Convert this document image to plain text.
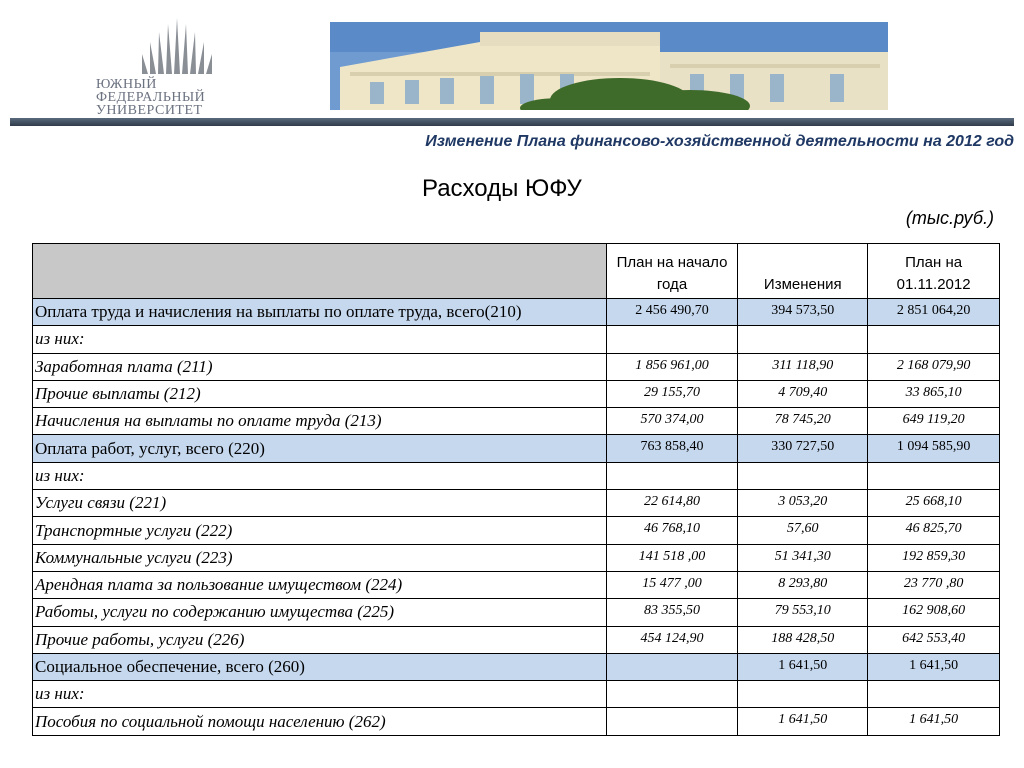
ЮЖНЫЙ
ФЕДЕРАЛЬНЫЙ
УНИВЕРСИТЕТ
Изменение Плана финансово-хозяйственной деятельности на 2012 год
Расходы ЮФУ
(тыс.руб.)
	План на начало года	Изменения	План на 01.11.2012
Оплата труда и начисления на выплаты по оплате труда, всего(210)	2 456 490,70	394 573,50	2 851 064,20
из них:			
Заработная плата (211)	1 856 961,00	311 118,90	2 168 079,90
Прочие выплаты (212)	29 155,70	4 709,40	33 865,10
Начисления на выплаты по оплате труда (213)	570 374,00	78 745,20	649 119,20
Оплата работ, услуг, всего (220)	763 858,40	330 727,50	1 094 585,90
из них:			
Услуги связи (221)	22 614,80	3 053,20	25 668,10
Транспортные услуги (222)	46 768,10	57,60	46 825,70
Коммунальные услуги (223)	141 518 ,00	51 341,30	192 859,30
Арендная плата за пользование имуществом (224)	15 477 ,00	8 293,80	23 770 ,80
Работы, услуги по содержанию имущества (225)	83 355,50	79 553,10	162 908,60
Прочие работы, услуги (226)	454 124,90	188 428,50	642 553,40
Социальное обеспечение, всего (260)		1 641,50	1 641,50
из них:			
Пособия по социальной помощи населению (262)		1 641,50	1 641,50
